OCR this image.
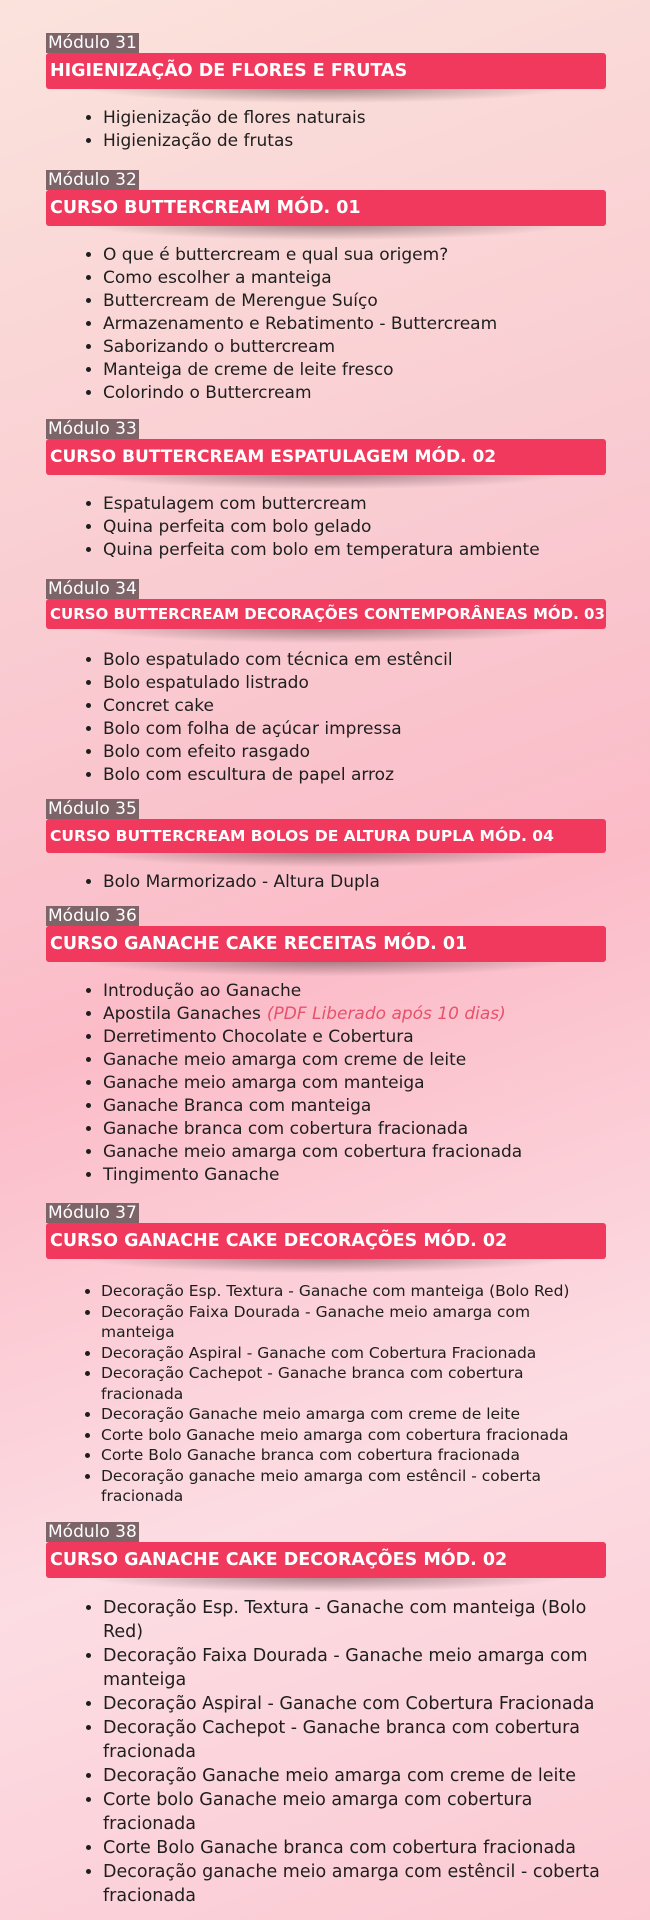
Módulo 31
HIGIENIZAÇÃO DE FLORES E FRUTAS
• Higienização de flores naturais
• Higienização de frutas
Módulo 32
CURSO BUTTERCREAM MÓD. 01
• O que é buttercream e qual sua origem?
• Como escolher a manteiga
• Buttercream de Merengue Suíço
• Armazenamento e Rebatimento - Buttercream
• Saborizando o buttercream
• Manteiga de creme de leite fresco
• Colorindo o Buttercream
Módulo 33
CURSO BUTTERCREAM ESPATULAGEM MÓD. 02
• Espatulagem com buttercream
• Quina perfeita com bolo gelado
• Quina perfeita com bolo em temperatura ambiente
Módulo 34
CURSO BUTTERCREAM DECORAÇÕES CONTEMPORÂNEAS MÓD. 03
• Bolo espatulado com técnica em estêncil
• Bolo espatulado listrado
• Concret cake
• Bolo com folha de açúcar impressa
• Bolo com efeito rasgado
• Bolo com escultura de papel arroz
Módulo 35
CURSO BUTTERCREAM BOLOS DE ALTURA DUPLA MÓD. 04
• Bolo Marmorizado - Altura Dupla
Módulo 36
CURSO GANACHE CAKE RECEITAS MÓD. 01
• Introdução ao Ganache
• Apostila Ganaches (PDF Liberado após 10 dias)
• Derretimento Chocolate e Cobertura
• Ganache meio amarga com creme de leite
• Ganache meio amarga com manteiga
• Ganache Branca com manteiga
• Ganache branca com cobertura fracionada
• Ganache meio amarga com cobertura fracionada
• Tingimento Ganache
Módulo 37
CURSO GANACHE CAKE DECORAÇÕES MÓD. 02
• Decoração Esp. Textura - Ganache com manteiga (Bolo Red)
• Decoração Faixa Dourada - Ganache meio amarga com manteiga
• Decoração Aspiral - Ganache com Cobertura Fracionada
• Decoração Cachepot - Ganache branca com cobertura fracionada
• Decoração Ganache meio amarga com creme de leite
• Corte bolo Ganache meio amarga com cobertura fracionada
• Corte Bolo Ganache branca com cobertura fracionada
• Decoração ganache meio amarga com estêncil - coberta fracionada
Módulo 38
CURSO GANACHE CAKE DECORAÇÕES MÓD. 02
• Decoração Esp. Textura - Ganache com manteiga (Bolo Red)
• Decoração Faixa Dourada - Ganache meio amarga com manteiga
• Decoração Aspiral - Ganache com Cobertura Fracionada
• Decoração Cachepot - Ganache branca com cobertura fracionada
• Decoração Ganache meio amarga com creme de leite
• Corte bolo Ganache meio amarga com cobertura fracionada
• Corte Bolo Ganache branca com cobertura fracionada
• Decoração ganache meio amarga com estêncil - coberta fracionada
